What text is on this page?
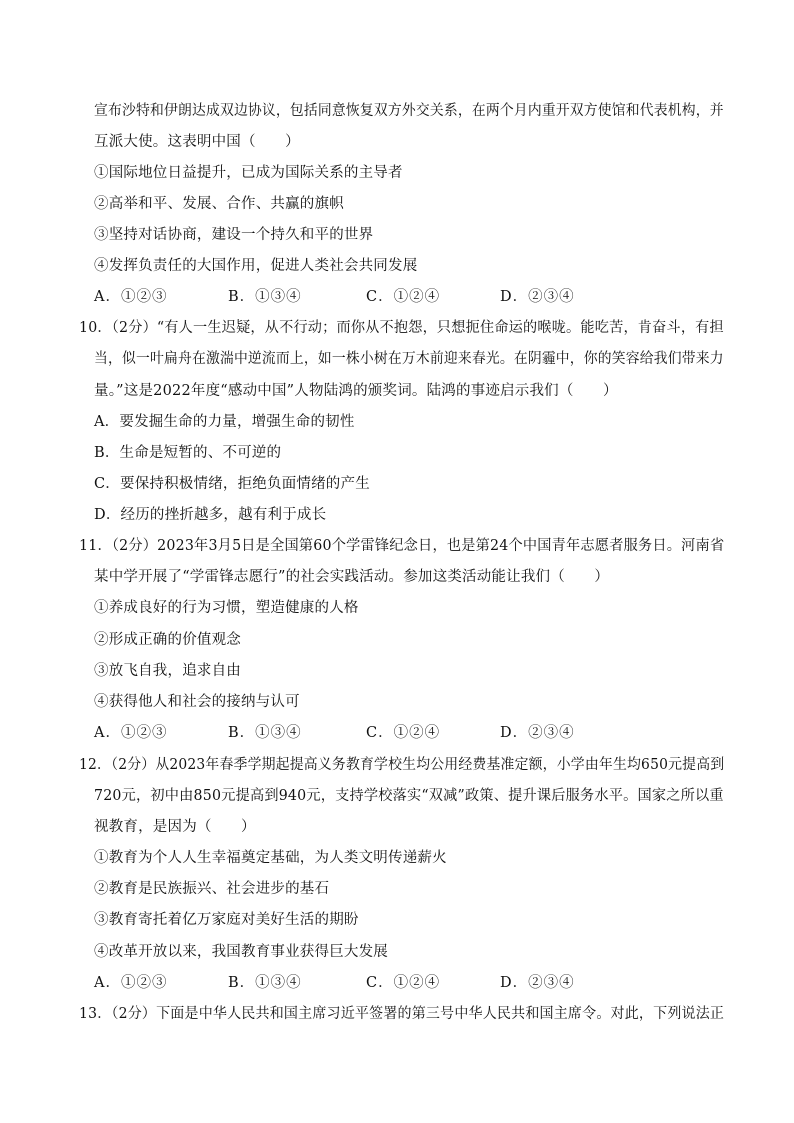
宣布沙特和伊朗达成双边协议，包括同意恢复双方外交关系，在两个月内重开双方使馆和代表机构，并
互派大使。这表明中国（　　）
①国际地位日益提升，已成为国际关系的主导者
②高举和平、发展、合作、共赢的旗帜
③坚持对话协商，建设一个持久和平的世界
④发挥负责任的大国作用，促进人类社会共同发展
A．①②③	B．①③④	C．①②④	D．②③④
10．（2分）“有人一生迟疑，从不行动；而你从不抱怨，只想扼住命运的喉咙。能吃苦，肯奋斗，有担
当，似一叶扁舟在激湍中逆流而上，如一株小树在万木前迎来春光。在阴霾中，你的笑容给我们带来力
量。”这是2022年度“感动中国”人物陆鸿的颁奖词。陆鸿的事迹启示我们（　　）
A．要发掘生命的力量，增强生命的韧性
B．生命是短暂的、不可逆的
C．要保持积极情绪，拒绝负面情绪的产生
D．经历的挫折越多，越有利于成长
11．（2分）2023年3月5日是全国第60个学雷锋纪念日，也是第24个中国青年志愿者服务日。河南省
某中学开展了“学雷锋志愿行”的社会实践活动。参加这类活动能让我们（　　）
①养成良好的行为习惯，塑造健康的人格
②形成正确的价值观念
③放飞自我，追求自由
④获得他人和社会的接纳与认可
A．①②③	B．①③④	C．①②④	D．②③④
12．（2分）从2023年春季学期起提高义务教育学校生均公用经费基准定额，小学由年生均650元提高到
720元，初中由850元提高到940元，支持学校落实“双减”政策、提升课后服务水平。国家之所以重
视教育，是因为（　　）
①教育为个人人生幸福奠定基础，为人类文明传递薪火
②教育是民族振兴、社会进步的基石
③教育寄托着亿万家庭对美好生活的期盼
④改革开放以来，我国教育事业获得巨大发展
A．①②③	B．①③④	C．①②④	D．②③④
13．（2分）下面是中华人民共和国主席习近平签署的第三号中华人民共和国主席令。对此，下列说法正
